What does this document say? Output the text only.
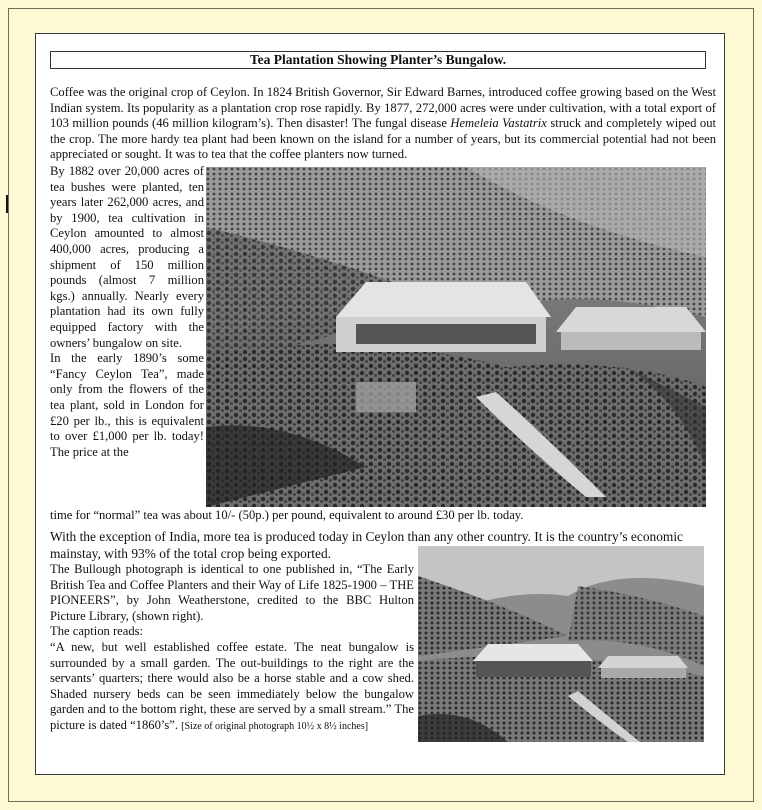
Tea Plantation Showing Planter’s Bungalow.
Coffee was the original crop of Ceylon. In 1824 British Governor, Sir Edward Barnes, introduced coffee growing based on the West Indian system. Its popularity as a plantation crop rose rapidly. By 1877, 272,000 acres were under cultivation, with a total export of 103 million pounds (46 million kilogram’s). Then disaster! The fungal disease Hemeleia Vastatrix struck and completely wiped out the crop. The more hardy tea plant had been known on the island for a number of years, but its commercial potential had not been appreciated or sought. It was to tea that the coffee planters now turned.
By 1882 over 20,000 acres of tea bushes were planted, ten years later 262,000 acres, and by 1900, tea cultivation in Ceylon amounted to almost 400,000 acres, producing a shipment of 150 million pounds (almost 7 million kgs.) annually. Nearly every plantation had its own fully equipped factory with the owners’ bungalow on site.
In the early 1890’s some “Fancy Ceylon Tea”, made only from the flowers of the tea plant, sold in London for £20 per lb., this is equivalent to over £1,000 per lb. today! The price at the
time for “normal” tea was about 10/- (50p.) per pound, equivalent to around £30 per lb. today.
With the exception of India, more tea is produced today in Ceylon than any other country. It is the country’s economic mainstay, with 93% of the total crop being exported.
The Bullough photograph is identical to one published in, “The Early British Tea and Coffee Planters and their Way of Life 1825-1900 – THE PIONEERS”, by John Weatherstone, credited to the BBC Hulton Picture Library, (shown right).
The caption reads:
“A new, but well established coffee estate. The neat bungalow is surrounded by a small garden. The out-buildings to the right are the servants’ quarters; there would also be a horse stable and a cow shed. Shaded nursery beds can be seen immediately below the bungalow garden and to the bottom right, these are served by a small stream.” The picture is dated “1860’s”. [Size of original photograph 10½ x 8½ inches]
